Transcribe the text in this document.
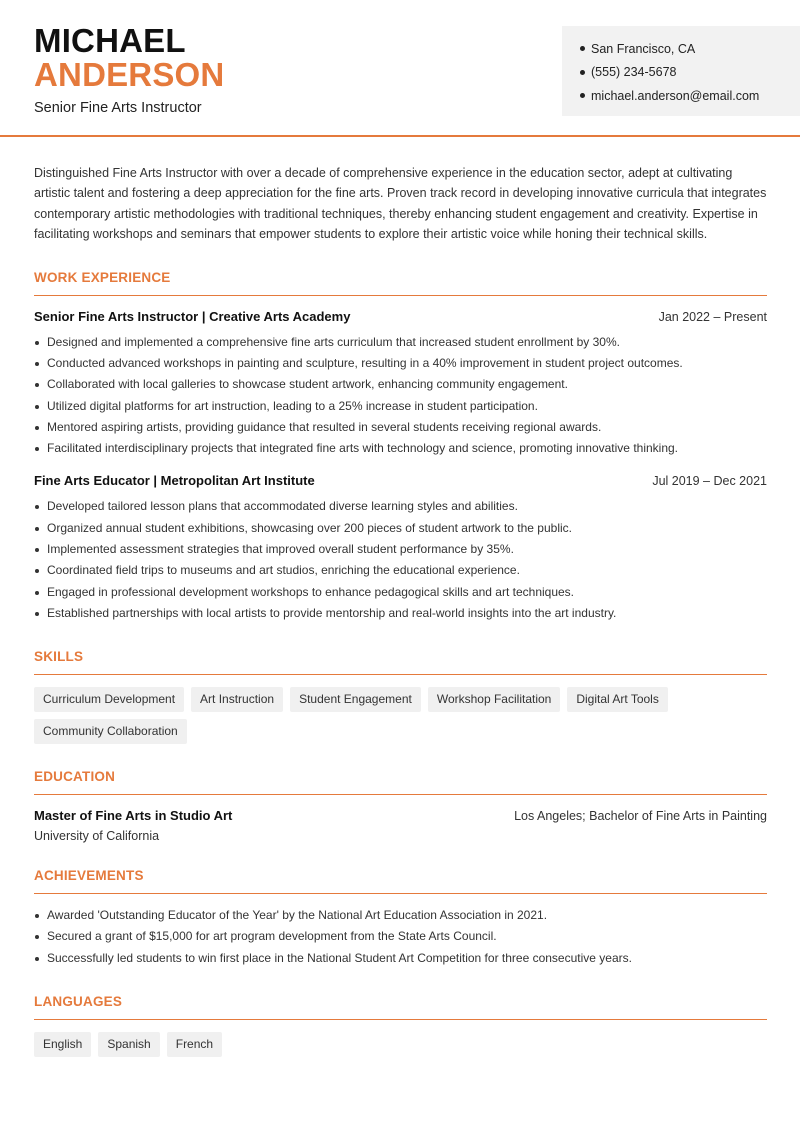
MICHAEL
ANDERSON
Senior Fine Arts Instructor
San Francisco, CA
(555) 234-5678
michael.anderson@email.com

Distinguished Fine Arts Instructor with over a decade of comprehensive experience in the education sector, adept at cultivating artistic talent and fostering a deep appreciation for the fine arts. Proven track record in developing innovative curricula that integrates contemporary artistic methodologies with traditional techniques, thereby enhancing student engagement and creativity. Expertise in facilitating workshops and seminars that empower students to explore their artistic voice while honing their technical skills.

WORK EXPERIENCE
Senior Fine Arts Instructor | Creative Arts Academy	Jan 2022 – Present
Designed and implemented a comprehensive fine arts curriculum that increased student enrollment by 30%.
Conducted advanced workshops in painting and sculpture, resulting in a 40% improvement in student project outcomes.
Collaborated with local galleries to showcase student artwork, enhancing community engagement.
Utilized digital platforms for art instruction, leading to a 25% increase in student participation.
Mentored aspiring artists, providing guidance that resulted in several students receiving regional awards.
Facilitated interdisciplinary projects that integrated fine arts with technology and science, promoting innovative thinking.
Fine Arts Educator | Metropolitan Art Institute	Jul 2019 – Dec 2021
Developed tailored lesson plans that accommodated diverse learning styles and abilities.
Organized annual student exhibitions, showcasing over 200 pieces of student artwork to the public.
Implemented assessment strategies that improved overall student performance by 35%.
Coordinated field trips to museums and art studios, enriching the educational experience.
Engaged in professional development workshops to enhance pedagogical skills and art techniques.
Established partnerships with local artists to provide mentorship and real-world insights into the art industry.
SKILLS
Curriculum Development	Art Instruction	Student Engagement	Workshop Facilitation	Digital Art Tools
Community Collaboration
EDUCATION
Master of Fine Arts in Studio Art	Los Angeles; Bachelor of Fine Arts in Painting
University of California
ACHIEVEMENTS
Awarded 'Outstanding Educator of the Year' by the National Art Education Association in 2021.
Secured a grant of $15,000 for art program development from the State Arts Council.
Successfully led students to win first place in the National Student Art Competition for three consecutive years.
LANGUAGES
English	Spanish	French
